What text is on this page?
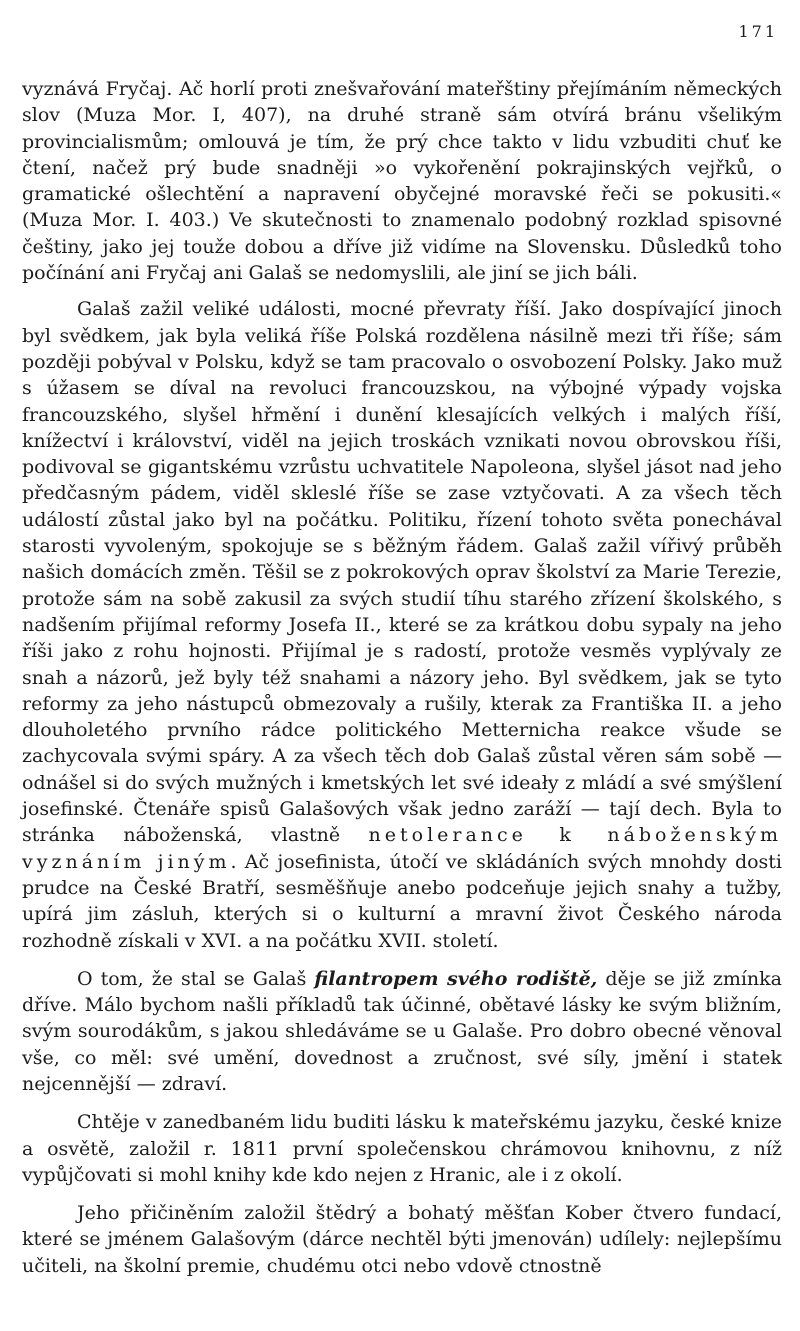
171

vyznává Fryčaj. Ač horlí proti znešvařování mateřštiny přejímáním německých slov (Muza Mor. I, 407), na druhé straně sám otvírá bránu všelikým provincialismům; omlouvá je tím, že prý chce takto v lidu vzbuditi chuť ke čtení, načež prý bude snadněji »o vykořenění pokrajinských vejřků, o gramatické ošlechtění a napravení obyčejné moravské řeči se pokusiti.« (Muza Mor. I. 403.) Ve skutečnosti to znamenalo podobný rozklad spisovné češtiny, jako jej touže dobou a dříve již vidíme na Slovensku. Důsledků toho počínání ani Fryčaj ani Galaš se nedomyslili, ale jiní se jich báli.

Galaš zažil veliké události, mocné převraty říší. Jako dospívající jinoch byl svědkem, jak byla veliká říše Polská rozdělena násilně mezi tři říše; sám později pobýval v Polsku, když se tam pracovalo o osvobození Polsky. Jako muž s úžasem se díval na revoluci francouzskou, na výbojné výpady vojska francouzského, slyšel hřmění i dunění klesajících velkých i malých říší, knížectví i království, viděl na jejich troskách vznikati novou obrovskou říši, podivoval se gigantskému vzrůstu uchvatitele Napoleona, slyšel jásot nad jeho předčasným pádem, viděl skleslé říše se zase vztyčovati. A za všech těch událostí zůstal jako byl na počátku. Politiku, řízení tohoto světa ponechával starosti vyvoleným, spokojuje se s běžným řádem. Galaš zažil vířivý průběh našich domácích změn. Těšil se z pokrokových oprav školství za Marie Terezie, protože sám na sobě zakusil za svých studií tíhu starého zřízení školského, s nadšením přijímal reformy Josefa II., které se za krátkou dobu sypaly na jeho říši jako z rohu hojnosti. Přijímal je s radostí, protože vesměs vyplývaly ze snah a názorů, jež byly též snahami a názory jeho. Byl svědkem, jak se tyto reformy za jeho nástupců obmezovaly a rušily, kterak za Františka II. a jeho dlouholetého prvního rádce politického Metternicha reakce všude se zachycovala svými spáry. A za všech těch dob Galaš zůstal věren sám sobě — odnášel si do svých mužných i kmetských let své ideały z mládí a své smýšlení josefinské. Čtenáře spisů Galašových však jedno zaráží — tají dech. Byla to stránka náboženská, vlastně netolerance k náboženským vyznáním jiným. Ač josefinista, útočí ve skládáních svých mnohdy dosti prudce na České Bratří, sesměšňuje anebo podceňuje jejich snahy a tužby, upírá jim zásluh, kterých si o kulturní a mravní život Českého národa rozhodně získali v XVI. a na počátku XVII. století.

O tom, že stal se Galaš filantropem svého rodiště, děje se již zmínka dříve. Málo bychom našli příkladů tak účinné, obětavé lásky ke svým bližním, svým sourodákům, s jakou shledáváme se u Galaše. Pro dobro obecné věnoval vše, co měl: své umění, dovednost a zručnost, své síly, jmění i statek nejcennější — zdraví.

Chtěje v zanedbaném lidu buditi lásku k mateřskému jazyku, české knize a osvětě, založil r. 1811 první společenskou chrámovou knihovnu, z níž vypůjčovati si mohl knihy kde kdo nejen z Hranic, ale i z okolí.

Jeho přičiněním založil štědrý a bohatý měšťan Kober čtvero fundací, které se jménem Galašovým (dárce nechtěl býti jmenován) udílely: nejlepšímu učiteli, na školní premie, chudému otci nebo vdově ctnostně
